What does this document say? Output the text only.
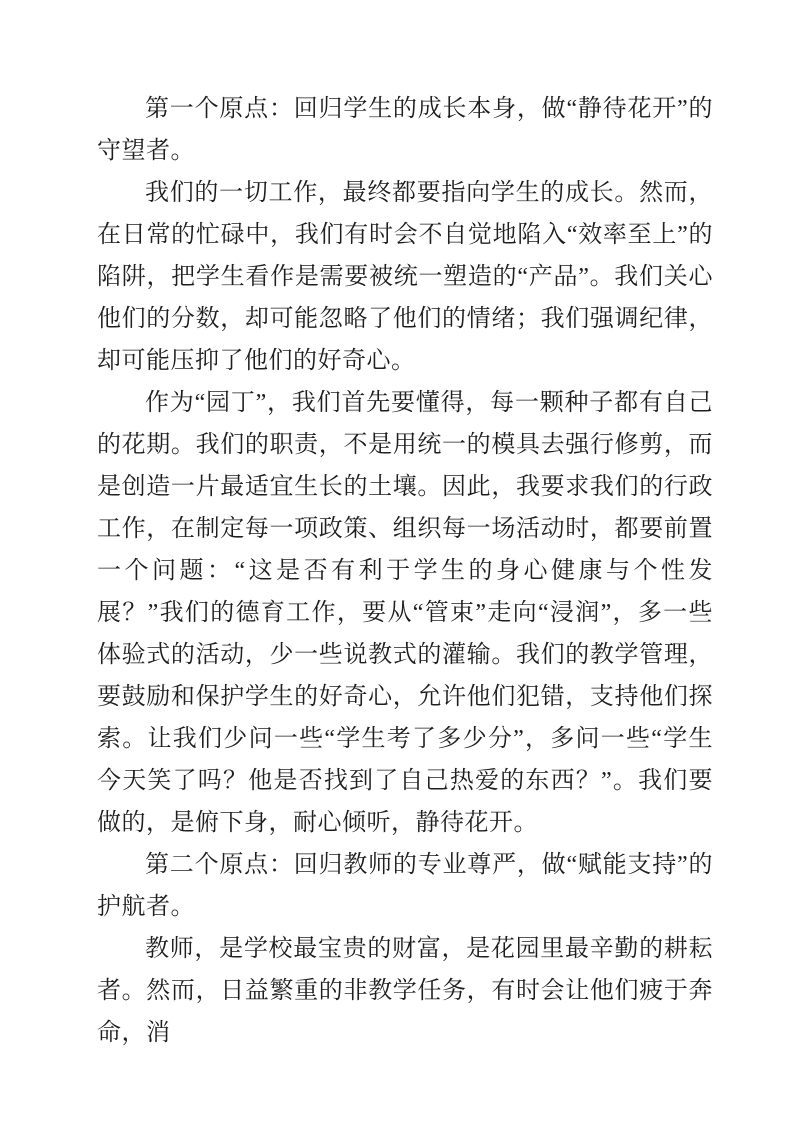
第一个原点：回归学生的成长本身，做“静待花开”的守望者。

我们的一切工作，最终都要指向学生的成长。然而，在日常的忙碌中，我们有时会不自觉地陷入“效率至上”的陷阱，把学生看作是需要被统一塑造的“产品”。我们关心他们的分数，却可能忽略了他们的情绪；我们强调纪律，却可能压抑了他们的好奇心。

作为“园丁”，我们首先要懂得，每一颗种子都有自己的花期。我们的职责，不是用统一的模具去强行修剪，而是创造一片最适宜生长的土壤。因此，我要求我们的行政工作，在制定每一项政策、组织每一场活动时，都要前置一个问题：“这是否有利于学生的身心健康与个性发展？”我们的德育工作，要从“管束”走向“浸润”，多一些体验式的活动，少一些说教式的灌输。我们的教学管理，要鼓励和保护学生的好奇心，允许他们犯错，支持他们探索。让我们少问一些“学生考了多少分”，多问一些“学生今天笑了吗？他是否找到了自己热爱的东西？”。我们要做的，是俯下身，耐心倾听，静待花开。

第二个原点：回归教师的专业尊严，做“赋能支持”的护航者。

教师，是学校最宝贵的财富，是花园里最辛勤的耕耘者。然而，日益繁重的非教学任务，有时会让他们疲于奔命，消
